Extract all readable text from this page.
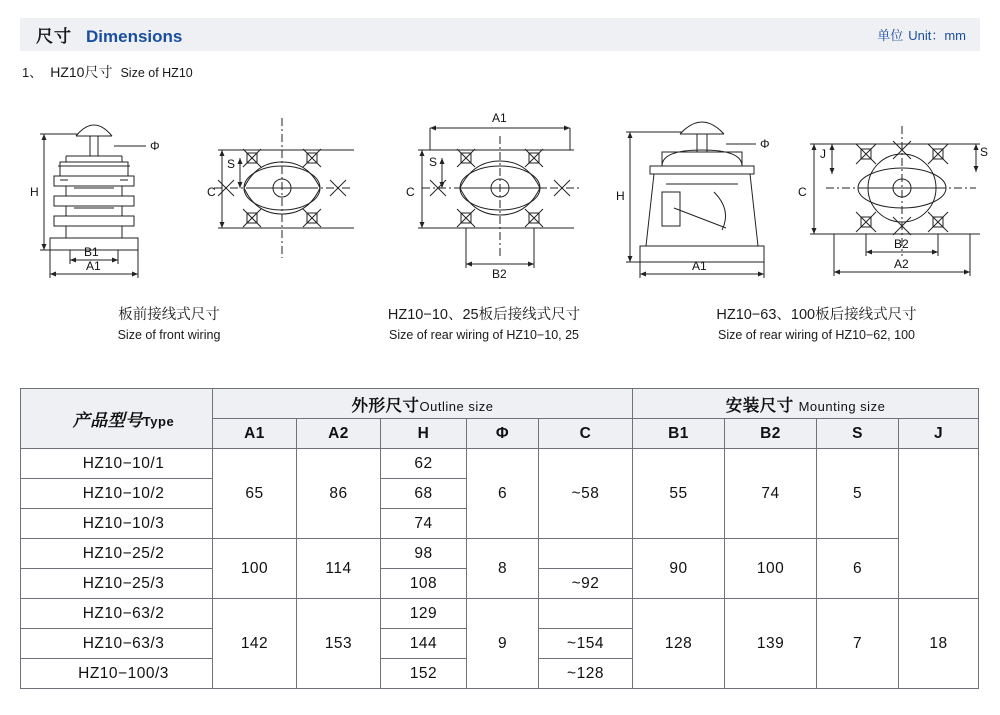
尺寸 Dimensions	单位 Unit：mm
1、 HZ10尺寸 Size of HZ10
H
Φ
B1
A1
S
C
A1
S
C
B2
H
Φ
A1
J
C
S
B2
A2
板前接线式尺寸
Size of front wiring
HZ10−10、25板后接线式尺寸
Size of rear wiring of HZ10−10, 25
HZ10−63、100板后接线式尺寸
Size of rear wiring of HZ10−62, 100
产品型号Type	外形尺寸Outline size					安装尺寸 Mounting size			
	A1	A2	H	Φ	C	B1	B2	S	J
HZ10−10/1	65	86	62	6	~58	55	74	5	
HZ10−10/2			68						
HZ10−10/3			74						
HZ10−25/2	100	114	98	8		90	100	6	
HZ10−25/3			108		~92				
HZ10−63/2	142	153	129	9		128	139	7	18
HZ10−63/3			144		~154				
HZ10−100/3			152		~128				
